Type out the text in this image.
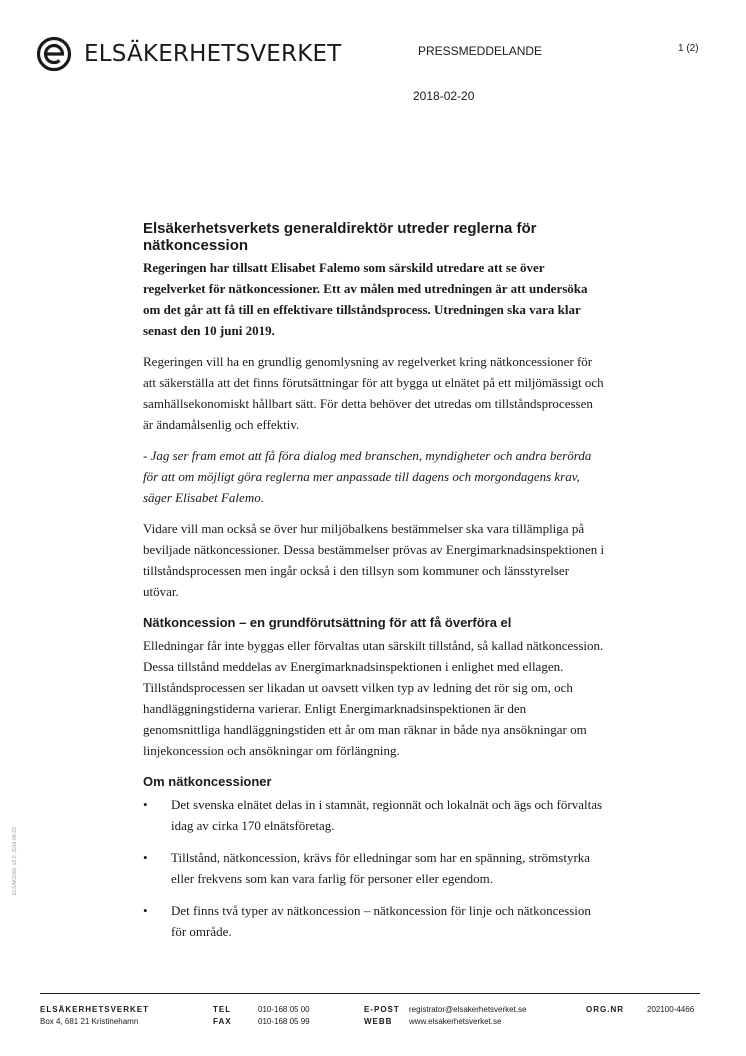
ELSÄKERHETSVERKET	PRESSMEDDELANDE	1 (2)
2018-02-20
Elsäkerhetsverkets generaldirektör utreder reglerna för nätkoncession

Regeringen har tillsatt Elisabet Falemo som särskild utredare att se över regelverket för nätkoncessioner. Ett av målen med utredningen är att undersöka om det går att få till en effektivare tillståndsprocess. Utredningen ska vara klar senast den 10 juni 2019.

Regeringen vill ha en grundlig genomlysning av regelverket kring nätkoncessioner för att säkerställa att det finns förutsättningar för att bygga ut elnätet på ett miljömässigt och samhällsekonomiskt hållbart sätt. För detta behöver det utredas om tillståndsprocessen är ändamålsenlig och effektiv.

- Jag ser fram emot att få föra dialog med branschen, myndigheter och andra berörda för att om möjligt göra reglerna mer anpassade till dagens och morgondagens krav, säger Elisabet Falemo.

Vidare vill man också se över hur miljöbalkens bestämmelser ska vara tillämpliga på beviljade nätkoncessioner. Dessa bestämmelser prövas av Energimarknadsinspektionen i tillståndsprocessen men ingår också i den tillsyn som kommuner och länsstyrelser utövar.

Nätkoncession – en grundförutsättning för att få överföra el

Elledningar får inte byggas eller förvaltas utan särskilt tillstånd, så kallad nätkoncession. Dessa tillstånd meddelas av Energimarknadsinspektionen i enlighet med ellagen. Tillståndsprocessen ser likadan ut oavsett vilken typ av ledning det rör sig om, och handläggningstiderna varierar. Enligt Energimarknadsinspektionen är den genomsnittliga handläggningstiden ett år om man räknar in både nya ansökningar om linjekoncession och ansökningar om förlängning.

Om nätkoncessioner
• Det svenska elnätet delas in i stamnät, regionnät och lokalnät och ägs och förvaltas idag av cirka 170 elnätsföretag.
• Tillstånd, nätkoncession, krävs för elledningar som har en spänning, strömstyrka eller frekvens som kan vara farlig för personer eller egendom.
• Det finns två typer av nätkoncession – nätkoncession för linje och nätkoncession för område.
ELSÄK2000, v2.0, 2016-09-23
ELSÄKERHETSVERKET
Box 4, 681 21 Kristinehamn
TEL	010-168 05 00
FAX	010-168 05 99
E-POST registrator@elsakerhetsverket.se
WEBB www.elsakerhetsverket.se
ORG.NR	202100-4466
